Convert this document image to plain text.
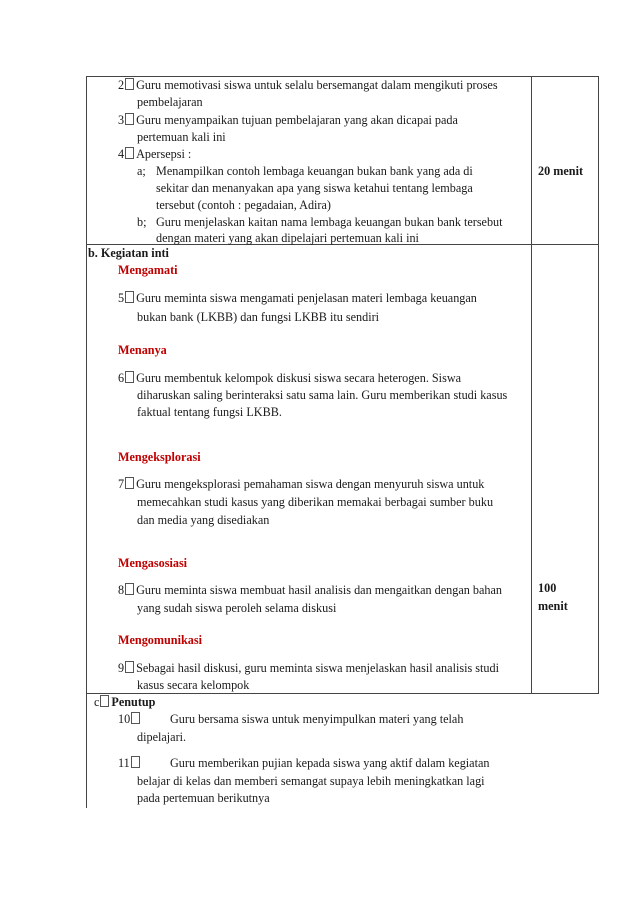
2 Guru memotivasi siswa untuk selalu bersemangat dalam mengikuti proses
pembelajaran
3 Guru menyampaikan tujuan pembelajaran yang akan dicapai pada
pertemuan kali ini
4 Apersepsi :
a; Menampilkan contoh lembaga keuangan bukan bank yang ada di
sekitar dan menanyakan apa yang siswa ketahui tentang lembaga
tersebut (contoh : pegadaian, Adira)
b; Guru menjelaskan kaitan nama lembaga keuangan bukan bank tersebut
dengan materi yang akan dipelajari pertemuan kali ini
20 menit
b. Kegiatan inti
Mengamati
5 Guru meminta siswa mengamati penjelasan materi lembaga keuangan
bukan bank (LKBB) dan fungsi LKBB itu sendiri
Menanya
6 Guru membentuk kelompok diskusi siswa secara heterogen. Siswa
diharuskan saling berinteraksi satu sama lain. Guru memberikan studi kasus
faktual tentang fungsi LKBB.
Mengeksplorasi
7 Guru mengeksplorasi pemahaman siswa dengan menyuruh siswa untuk
memecahkan studi kasus yang diberikan memakai berbagai sumber buku
dan media yang disediakan
Mengasosiasi
8 Guru meminta siswa membuat hasil analisis dan mengaitkan dengan bahan
yang sudah siswa peroleh selama diskusi
100
menit
Mengomunikasi
9 Sebagai hasil diskusi, guru meminta siswa menjelaskan hasil analisis studi
kasus secara kelompok
c Penutup
10	Guru bersama siswa untuk menyimpulkan materi yang telah
dipelajari.
11	Guru memberikan pujian kepada siswa yang aktif dalam kegiatan
belajar di kelas dan memberi semangat supaya lebih meningkatkan lagi
pada pertemuan berikutnya
